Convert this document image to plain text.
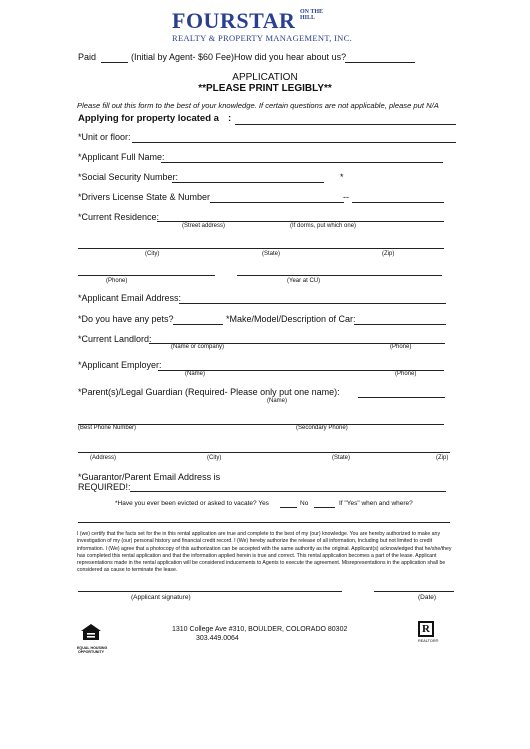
FOURSTAR ON THE
HILL
REALTY & PROPERTY MANAGEMENT, INC.
Paid	(Initial by Agent- $60 Fee) How did you hear about us?
APPLICATION
**PLEASE PRINT LEGIBLY**
Please fill out this form to the best of your knowledge. If certain questions are not applicable, please put N/A
Applying for property located a :
*Unit or floor:
*Applicant Full Name:
*Social Security Number:	*
*Drivers License State & Number	--
*Current Residence:
(Street address)	(If dorms, put which one)
(City)	(State)	(Zip)
(Phone)	(Year at CU)
*Applicant Email Address:
*Do you have any pets?	*Make/Model/Description of Car:
*Current Landlord:
(Name or company)	(Phone)
*Applicant Employer:
(Name)	(Phone)
*Parent(s)/Legal Guardian (Required- Please only put one name):
(Name)
(Best Phone Number)	(Secondary Phone)
(Address)	(City)	(State)	(Zip)
*Guarantor/Parent Email Address is
REQUIRED!:
*Have you ever been evicted or asked to vacate? Yes	No	If "Yes" when and where?
I (we) certify that the facts set for the in this rental application are true and complete to the best of my (our) knowledge. You are hereby authorized to make any investigation of my (our) personal history and financial credit record. I (We) hereby authorize the release of all information, Including but not limited to credit information. I (We) agree that a photocopy of this authorization can be accepted with the same authority as the original. Applicant(s) acknowledged that he/she/they has completed this rental application and that the information applied herein is true and correct. This rental application becomes a part of the lease. Applicant representations made in the rental application will be considered inducements to Agents to execute the agreement. Misrepresentations in the application shall be considered as cause to terminate the lease.
(Applicant signature)	(Date)
EQUAL HOUSING
OPPORTUNITY
1310 College Ave #310, BOULDER, COLORADO 80302
303.449.0064
R
REALTOR®
